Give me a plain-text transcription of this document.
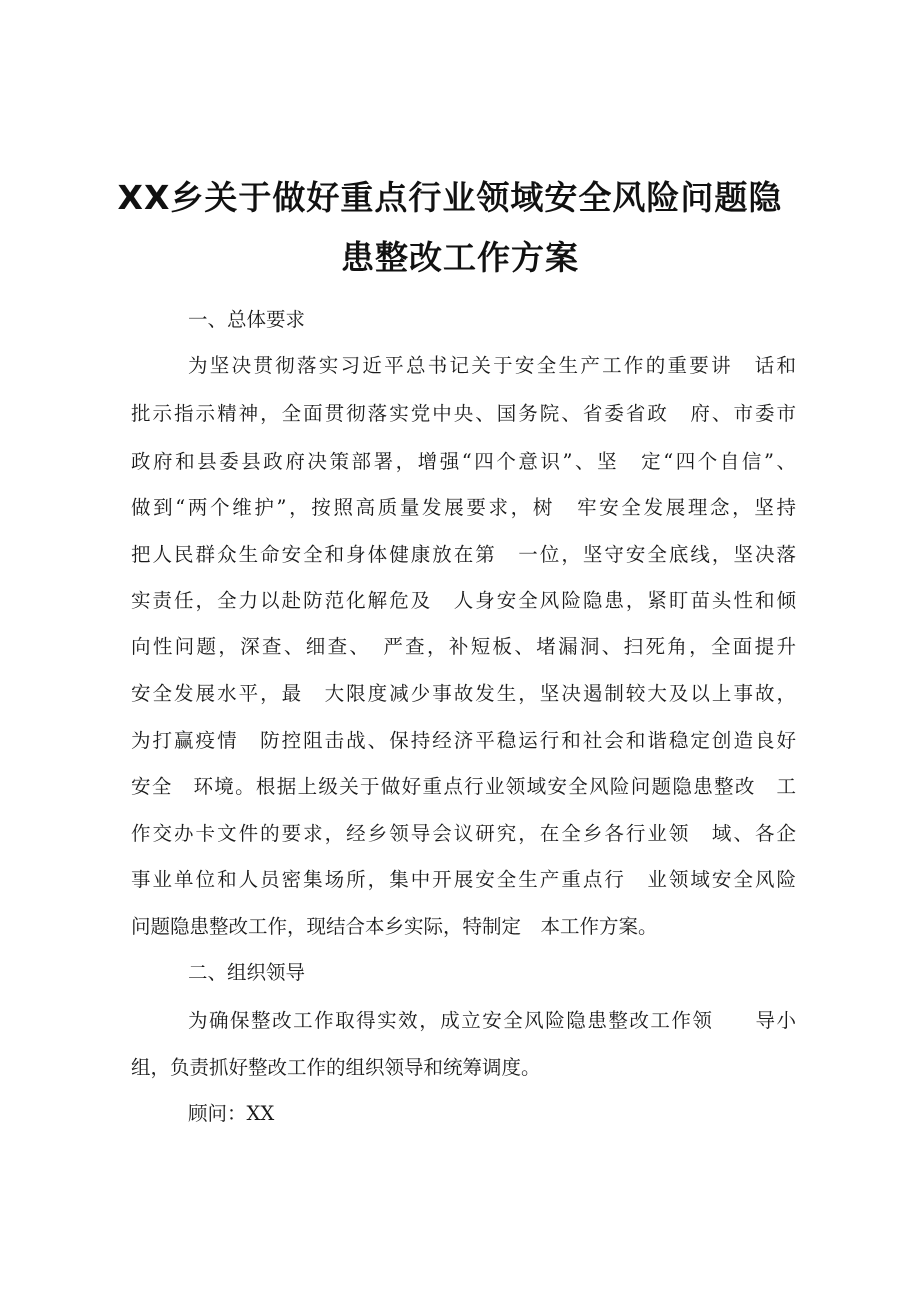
XX乡关于做好重点行业领域安全风险问题隐
患整改工作方案
一、总体要求
为坚决贯彻落实习近平总书记关于安全生产工作的重要讲　话和
批示指示精神，全面贯彻落实党中央、国务院、省委省政　府、市委市
政府和县委县政府决策部署，增强“四个意识”、坚　定“四个自信”、
做到“两个维护”，按照高质量发展要求，树　牢安全发展理念，坚持
把人民群众生命安全和身体健康放在第　一位，坚守安全底线，坚决落
实责任，全力以赴防范化解危及　人身安全风险隐患，紧盯苗头性和倾
向性问题，深查、细查、　严查，补短板、堵漏洞、扫死角，全面提升
安全发展水平，最　大限度减少事故发生，坚决遏制较大及以上事故，
为打赢疫情　防控阻击战、保持经济平稳运行和社会和谐稳定创造良好
安全　环境。根据上级关于做好重点行业领域安全风险问题隐患整改　工
作交办卡文件的要求，经乡领导会议研究，在全乡各行业领　域、各企
事业单位和人员密集场所，集中开展安全生产重点行　业领域安全风险
问题隐患整改工作，现结合本乡实际，特制定　本工作方案。
二、组织领导
为确保整改工作取得实效，成立安全风险隐患整改工作领　　导小
组，负责抓好整改工作的组织领导和统筹调度。
顾问：XX
